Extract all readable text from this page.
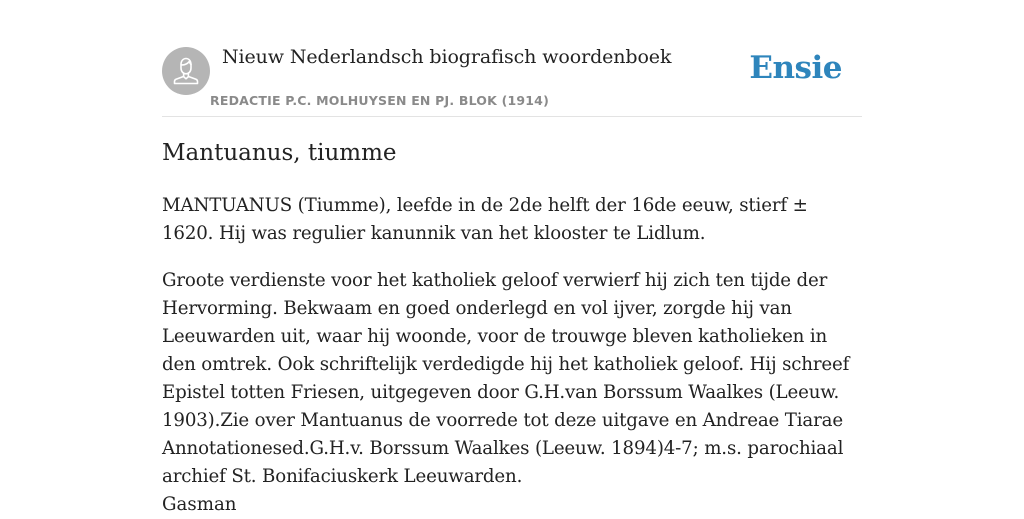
Nieuw Nederlandsch biografisch woordenboek
REDACTIE P.C. MOLHUYSEN EN PJ. BLOK (1914)
Ensie
Mantuanus, tiumme

MANTUANUS (Tiumme), leefde in de 2de helft der 16de eeuw, stierf ± 1620. Hij was regulier kanunnik van het klooster te Lidlum.

Groote verdienste voor het katholiek geloof verwierf hij zich ten tijde der Hervorming. Bekwaam en goed onderlegd en vol ijver, zorgde hij van Leeuwarden uit, waar hij woonde, voor de trouwge bleven katholieken in den omtrek. Ook schriftelijk verdedigde hij het katholiek geloof. Hij schreef Epistel totten Friesen, uitgegeven door G.H.van Borssum Waalkes (Leeuw. 1903).Zie over Mantuanus de voorrede tot deze uitgave en Andreae Tiarae Annotationesed.G.H.v. Borssum Waalkes (Leeuw. 1894)4-7; m.s. parochiaal archief St. Bonifaciuskerk Leeuwarden.

Gasman
